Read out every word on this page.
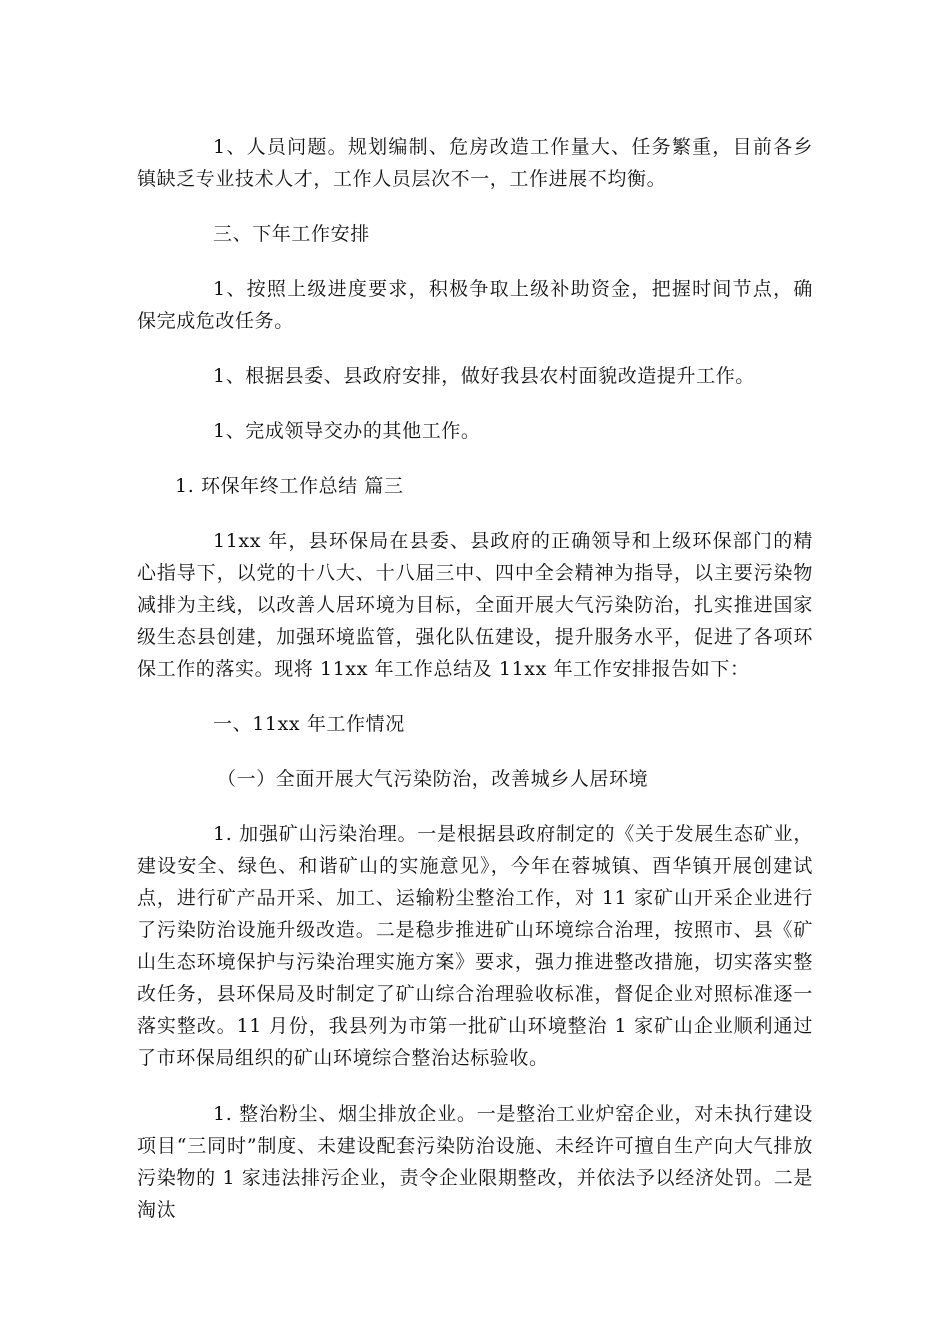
1、人员问题。规划编制、危房改造工作量大、任务繁重，目前各乡镇缺乏专业技术人才，工作人员层次不一，工作进展不均衡。

三、下年工作安排

1、按照上级进度要求，积极争取上级补助资金，把握时间节点，确保完成危改任务。

1、根据县委、县政府安排，做好我县农村面貌改造提升工作。

1、完成领导交办的其他工作。

1. 环保年终工作总结 篇三

11xx 年，县环保局在县委、县政府的正确领导和上级环保部门的精心指导下，以党的十八大、十八届三中、四中全会精神为指导，以主要污染物减排为主线，以改善人居环境为目标，全面开展大气污染防治，扎实推进国家级生态县创建，加强环境监管，强化队伍建设，提升服务水平，促进了各项环保工作的落实。现将 11xx 年工作总结及 11xx 年工作安排报告如下：

一、11xx 年工作情况

（一）全面开展大气污染防治，改善城乡人居环境

1. 加强矿山污染治理。一是根据县政府制定的《关于发展生态矿业，建设安全、绿色、和谐矿山的实施意见》，今年在蓉城镇、酉华镇开展创建试点，进行矿产品开采、加工、运输粉尘整治工作，对 11 家矿山开采企业进行了污染防治设施升级改造。二是稳步推进矿山环境综合治理，按照市、县《矿山生态环境保护与污染治理实施方案》要求，强力推进整改措施，切实落实整改任务，县环保局及时制定了矿山综合治理验收标准，督促企业对照标准逐一落实整改。11 月份，我县列为市第一批矿山环境整治 1 家矿山企业顺利通过了市环保局组织的矿山环境综合整治达标验收。

1. 整治粉尘、烟尘排放企业。一是整治工业炉窑企业，对未执行建设项目“三同时”制度、未建设配套污染防治设施、未经许可擅自生产向大气排放污染物的 1 家违法排污企业，责令企业限期整改，并依法予以经济处罚。二是淘汰
